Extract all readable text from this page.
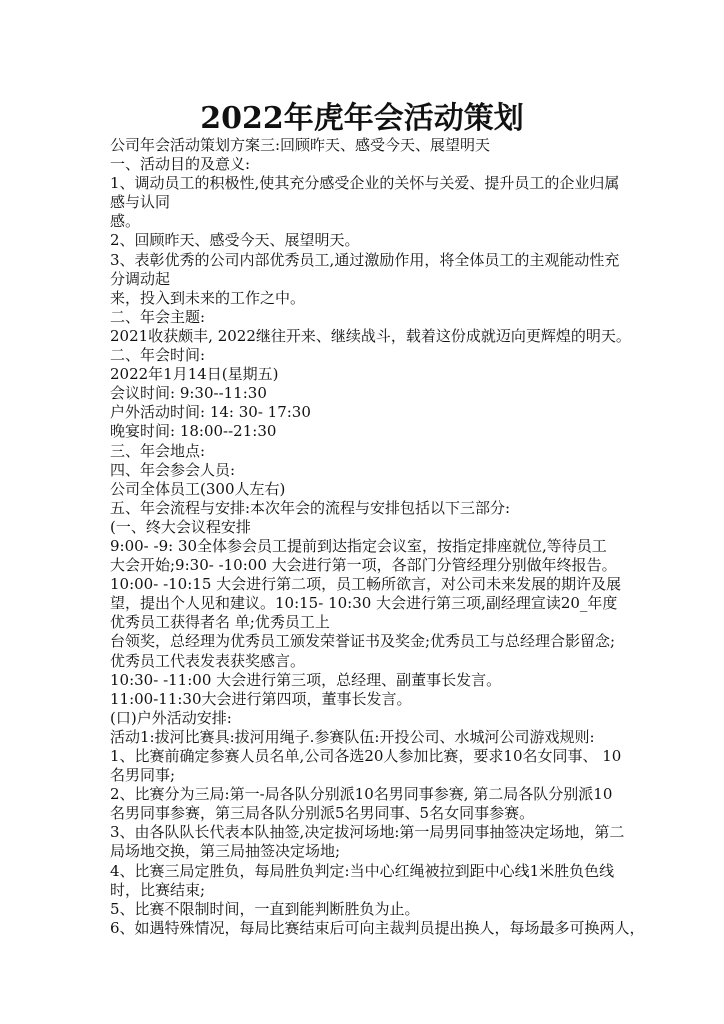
2022年虎年会活动策划
公司年会活动策划方案三:回顾昨天、感受今天、展望明天
一、活动目的及意义:
1、调动员工的积极性,使其充分感受企业的关怀与关爱、提升员工的企业归属
感与认同
感。
2、回顾昨天、感受今天、展望明天。
3、表彰优秀的公司内部优秀员工,通过激励作用，将全体员工的主观能动性充
分调动起
来，投入到未来的工作之中。
二、年会主题:
2021收获颇丰, 2022继往开来、继续战斗，载着这份成就迈向更辉煌的明天。
二、年会时间:
2022年1月14日(星期五)
会议时间: 9:30--11:30
户外活动时间: 14: 30- 17:30
晚宴时间: 18:00--21:30
三、年会地点:
四、年会参会人员:
公司全体员工(300人左右)
五、年会流程与安排:本次年会的流程与安排包括以下三部分:
(一、终大会议程安排
9:00- -9: 30全体参会员工提前到达指定会议室，按指定排座就位,等待员工
大会开始;9:30- -10:00 大会进行第一项，各部门分管经理分别做年终报告。
10:00- -10:15 大会进行第二项，员工畅所欲言，对公司未来发展的期许及展
望，提出个人见和建议。10:15- 10:30 大会进行第三项,副经理宣读20_年度
优秀员工获得者名 单;优秀员工上
台领奖，总经理为优秀员工颁发荣誉证书及奖金;优秀员工与总经理合影留念;
优秀员工代表发表获奖感言。
10:30- -11:00 大会进行第三项，总经理、副董事长发言。
11:00-11:30大会进行第四项，董事长发言。
(口)户外活动安排:
活动1:拔河比赛具:拔河用绳子.参赛队伍:开投公司、水城河公司游戏规则:
1、比赛前确定参赛人员名单,公司各选20人参加比赛，要求10名女同事、 10
名男同事;
2、比赛分为三局:第一-局各队分别派10名男同事参赛, 第二局各队分别派10
名男同事参赛，第三局各队分别派5名男同事、5名女同事参赛。
3、由各队队长代表本队抽签,决定拔河场地:第一局男同事抽签决定场地，第二
局场地交换，第三局抽签决定场地;
4、比赛三局定胜负，每局胜负判定:当中心红绳被拉到距中心线1米胜负色线
时，比赛结束;
5、比赛不限制时间，一直到能判断胜负为止。
6、如遇特殊情况，每局比赛结束后可向主裁判员提出换人，每场最多可换两人，
